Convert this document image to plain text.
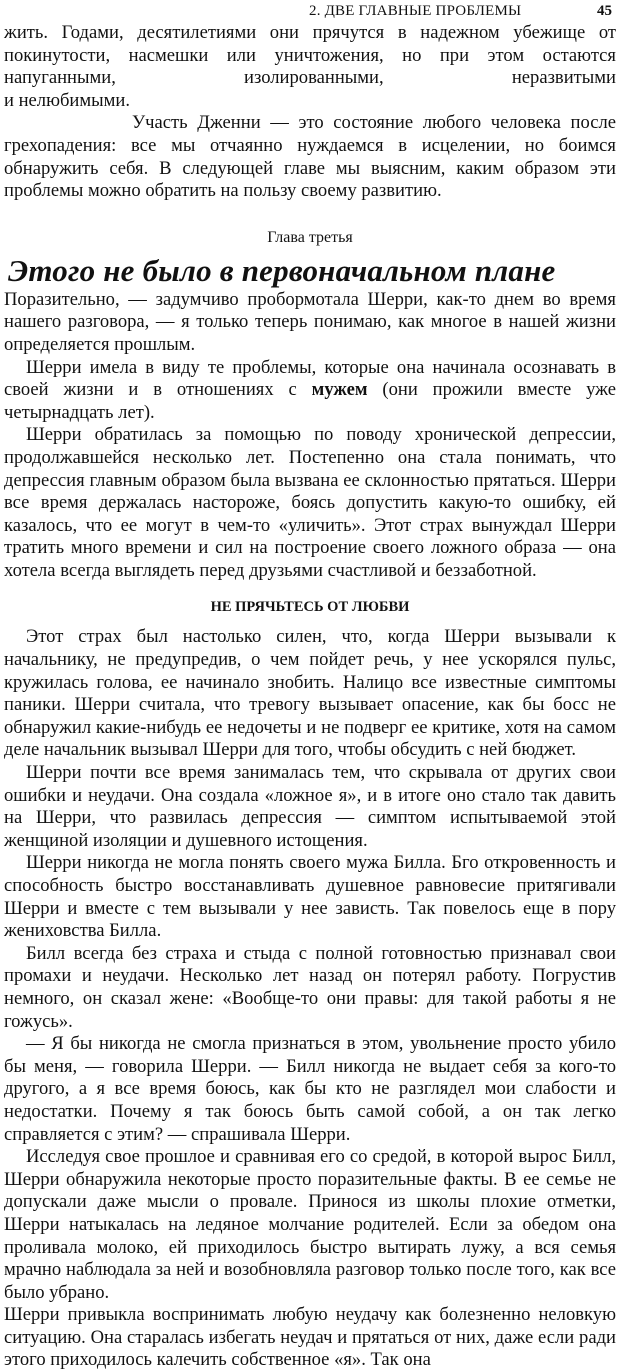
2. ДВЕ ГЛАВНЫЕ ПРОБЛЕМЫ	45

жить. Годами, десятилетиями они прячутся в надежном убежище от покинутости, насмешки или уничтожения, но при этом остаются напуганными, изолированными, неразвитыми

и нелюбимыми.

Участь Дженни — это состояние любого человека после грехопадения: все мы отчаянно нуждаемся в исцелении, но боимся обнаружить себя. В следующей главе мы выясним, каким образом эти проблемы можно обратить на пользу своему развитию.

Глава третья
Этого не было в первоначальном плане

Поразительно, — задумчиво пробормотала Шерри, как-то днем во время нашего разговора, — я только теперь понимаю, как многое в нашей жизни определяется прошлым.

Шерри имела в виду те проблемы, которые она начинала осознавать в своей жизни и в отношениях с мужем (они прожили вместе уже четырнадцать лет).

Шерри обратилась за помощью по поводу хронической депрессии, продолжавшейся несколько лет. Постепенно она стала понимать, что депрессия главным образом была вызвана ее склонностью прятаться. Шерри все время держалась настороже, боясь допустить какую-то ошибку, ей казалось, что ее могут в чем-то «уличить». Этот страх вынуждал Шерри тратить много времени и сил на построение своего ложного образа — она хотела всегда выглядеть перед друзьями счастливой и беззаботной.

НЕ ПРЯЧЬТЕСЬ ОТ ЛЮБВИ

Этот страх был настолько силен, что, когда Шерри вызывали к начальнику, не предупредив, о чем пойдет речь, у нее ускорялся пульс, кружилась голова, ее начинало знобить. Налицо все известные симптомы паники. Шерри считала, что тревогу вызывает опасение, как бы босс не обнаружил какие-нибудь ее недочеты и не подверг ее критике, хотя на самом деле начальник вызывал Шерри для того, чтобы обсудить с ней бюджет.

Шерри почти все время занималась тем, что скрывала от других свои ошибки и неудачи. Она создала «ложное я», и в итоге оно стало так давить на Шерри, что развилась депрессия — симптом испытываемой этой женщиной изоляции и душевного истощения.

Шерри никогда не могла понять своего мужа Билла. Бго откровенность и способность быстро восстанавливать душевное равновесие притягивали Шерри и вместе с тем вызывали у нее зависть. Так повелось еще в пору жениховства Билла.

Билл всегда без страха и стыда с полной готовностью признавал свои промахи и неудачи. Несколько лет назад он потерял работу. Погрустив немного, он сказал жене: «Вообще-то они правы: для такой работы я не гожусь».

— Я бы никогда не смогла признаться в этом, увольнение просто убило бы меня, — говорила Шерри. — Билл никогда не выдает себя за кого-то другого, а я все время боюсь, как бы кто не разглядел мои слабости и недостатки. Почему я так боюсь быть самой собой, а он так легко справляется с этим? — спрашивала Шерри.

Исследуя свое прошлое и сравнивая его со средой, в которой вырос Билл, Шерри обнаружила некоторые просто поразительные факты. В ее семье не допускали даже мысли о провале. Принося из школы плохие отметки, Шерри натыкалась на ледяное молчание родителей. Если за обедом она проливала молоко, ей приходилось быстро вытирать лужу, а вся семья мрачно наблюдала за ней и возобновляла разговор только после того, как все было убрано.

Шерри привыкла воспринимать любую неудачу как болезненно неловкую ситуацию. Она старалась избегать неудач и прятаться от них, даже если ради этого приходилось калечить собственное «я». Так она
